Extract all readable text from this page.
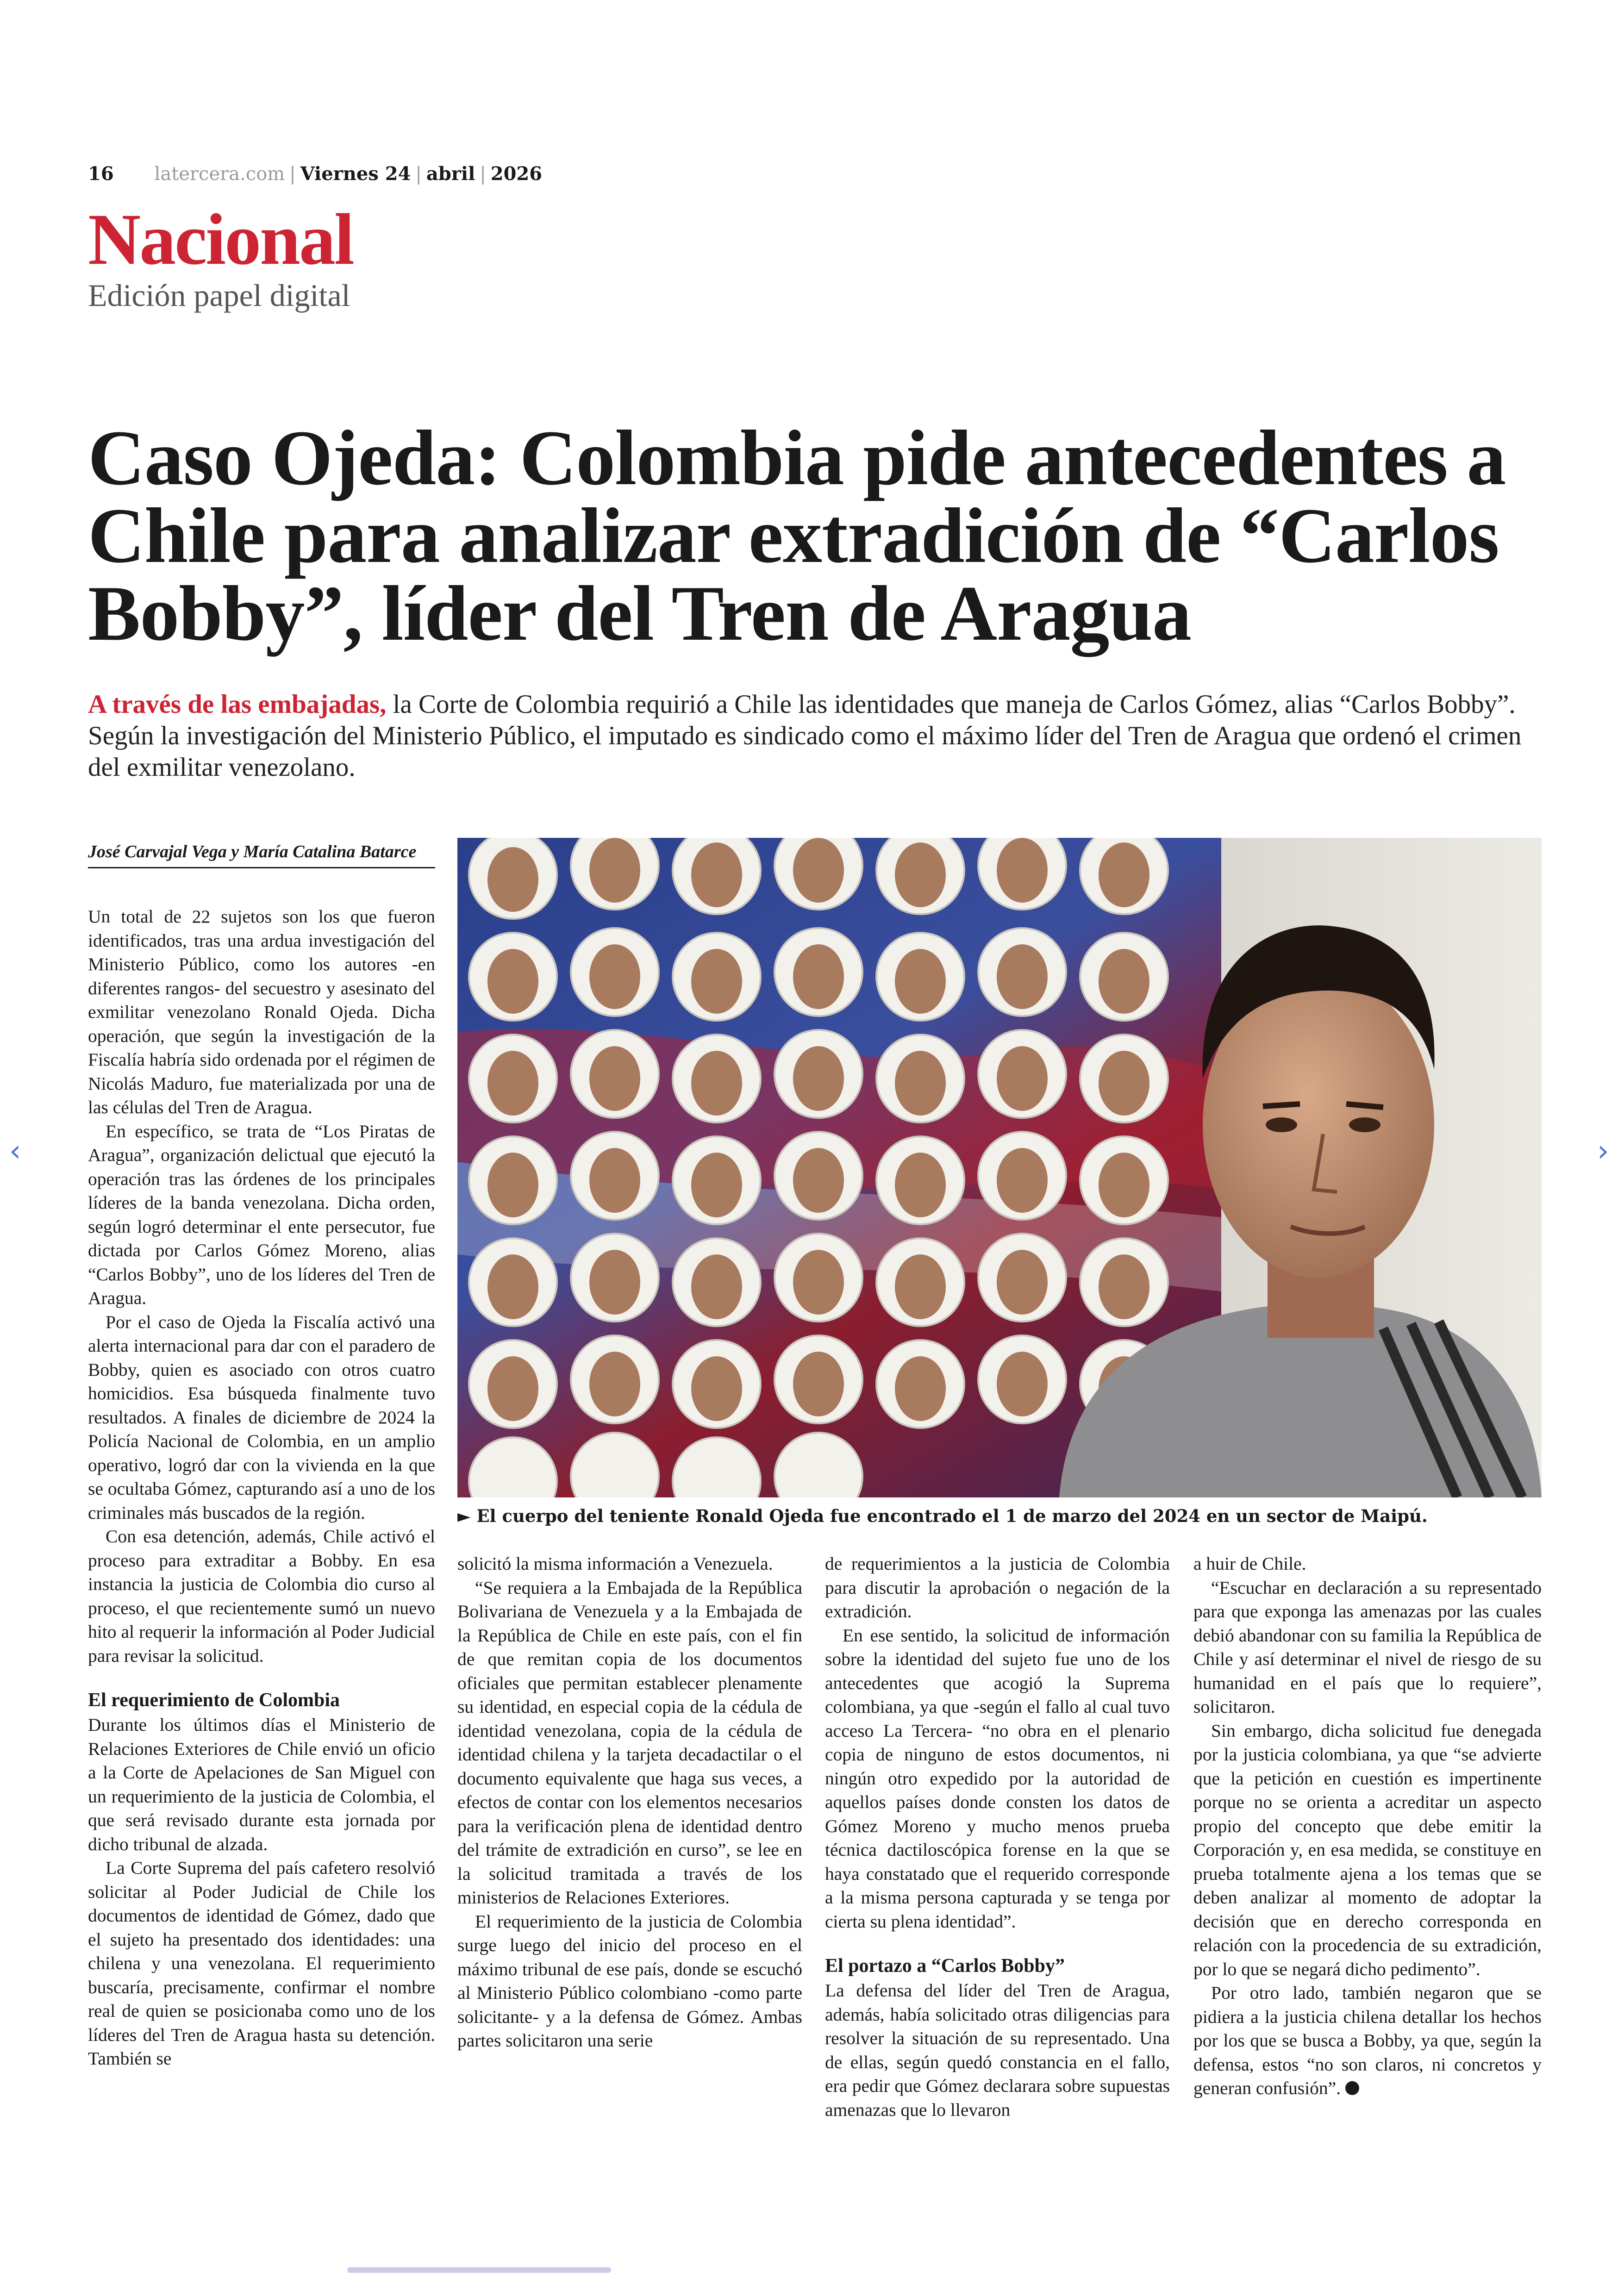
‹	›
16 latercera.com | Viernes 24 | abril | 2026
Nacional
Edición papel digital
Caso Ojeda: Colombia pide antecedentes a Chile para analizar extradición de “Carlos Bobby”, líder del Tren de Aragua
A través de las embajadas, la Corte de Colombia requirió a Chile las identidades que maneja de Carlos Gómez, alias “Carlos Bobby”. Según la investigación del Ministerio Público, el imputado es sindicado como el máximo líder del Tren de Aragua que ordenó el crimen del exmilitar venezolano.
José Carvajal Vega y María Catalina Batarce

Un total de 22 sujetos son los que fueron identificados, tras una ardua investigación del Ministerio Público, como los autores -en diferentes rangos- del secuestro y asesinato del exmilitar venezolano Ronald Ojeda. Dicha operación, que según la investigación de la Fiscalía habría sido ordenada por el régimen de Nicolás Maduro, fue materializada por una de las células del Tren de Aragua.

En específico, se trata de “Los Piratas de Aragua”, organización delictual que ejecutó la operación tras las órdenes de los principales líderes de la banda venezolana. Dicha orden, según logró determinar el ente persecutor, fue dictada por Carlos Gómez Moreno, alias “Carlos Bobby”, uno de los líderes del Tren de Aragua.

Por el caso de Ojeda la Fiscalía activó una alerta internacional para dar con el paradero de Bobby, quien es asociado con otros cuatro homicidios. Esa búsqueda finalmente tuvo resultados. A finales de diciembre de 2024 la Policía Nacional de Colombia, en un amplio operativo, logró dar con la vivienda en la que se ocultaba Gómez, capturando así a uno de los criminales más buscados de la región.

Con esa detención, además, Chile activó el proceso para extraditar a Bobby. En esa instancia la justicia de Colombia dio curso al proceso, el que recientemente sumó un nuevo hito al requerir la información al Poder Judicial para revisar la solicitud.

El requerimiento de Colombia

Durante los últimos días el Ministerio de Relaciones Exteriores de Chile envió un oficio a la Corte de Apelaciones de San Miguel con un requerimiento de la justicia de Colombia, el que será revisado durante esta jornada por dicho tribunal de alzada.

La Corte Suprema del país cafetero resolvió solicitar al Poder Judicial de Chile los documentos de identidad de Gómez, dado que el sujeto ha presentado dos identidades: una chilena y una venezolana. El requerimiento buscaría, precisamente, confirmar el nombre real de quien se posicionaba como uno de los líderes del Tren de Aragua hasta su detención. También se

► El cuerpo del teniente Ronald Ojeda fue encontrado el 1 de marzo del 2024 en un sector de Maipú.

solicitó la misma información a Venezuela.

“Se requiera a la Embajada de la República Bolivariana de Venezuela y a la Embajada de la República de Chile en este país, con el fin de que remitan copia de los documentos oficiales que permitan establecer plenamente su identidad, en especial copia de la cédula de identidad venezolana, copia de la cédula de identidad chilena y la tarjeta decadactilar o el documento equivalente que haga sus veces, a efectos de contar con los elementos necesarios para la verificación plena de identidad dentro del trámite de extradición en curso”, se lee en la solicitud tramitada a través de los ministerios de Relaciones Exteriores.

El requerimiento de la justicia de Colombia surge luego del inicio del proceso en el máximo tribunal de ese país, donde se escuchó al Ministerio Público colombiano -como parte solicitante- y a la defensa de Gómez. Ambas partes solicitaron una serie

de requerimientos a la justicia de Colombia para discutir la aprobación o negación de la extradición.

En ese sentido, la solicitud de información sobre la identidad del sujeto fue uno de los antecedentes que acogió la Suprema colombiana, ya que -según el fallo al cual tuvo acceso La Tercera- “no obra en el plenario copia de ninguno de estos documentos, ni ningún otro expedido por la autoridad de aquellos países donde consten los datos de Gómez Moreno y mucho menos prueba técnica dactiloscópica forense en la que se haya constatado que el requerido corresponde a la misma persona capturada y se tenga por cierta su plena identidad”.

El portazo a “Carlos Bobby”

La defensa del líder del Tren de Aragua, además, había solicitado otras diligencias para resolver la situación de su representado. Una de ellas, según quedó constancia en el fallo, era pedir que Gómez declarara sobre supuestas amenazas que lo llevaron

a huir de Chile.

“Escuchar en declaración a su representado para que exponga las amenazas por las cuales debió abandonar con su familia la República de Chile y así determinar el nivel de riesgo de su humanidad en el país que lo requiere”, solicitaron.

Sin embargo, dicha solicitud fue denegada por la justicia colombiana, ya que “se advierte que la petición en cuestión es impertinente porque no se orienta a acreditar un aspecto propio del concepto que debe emitir la Corporación y, en esa medida, se constituye en prueba totalmente ajena a los temas que se deben analizar al momento de adoptar la decisión que en derecho corresponda en relación con la procedencia de su extradición, por lo que se negará dicho pedimento”.

Por otro lado, también negaron que se pidiera a la justicia chilena detallar los hechos por los que se busca a Bobby, ya que, según la defensa, estos “no son claros, ni concretos y generan confusión”.
